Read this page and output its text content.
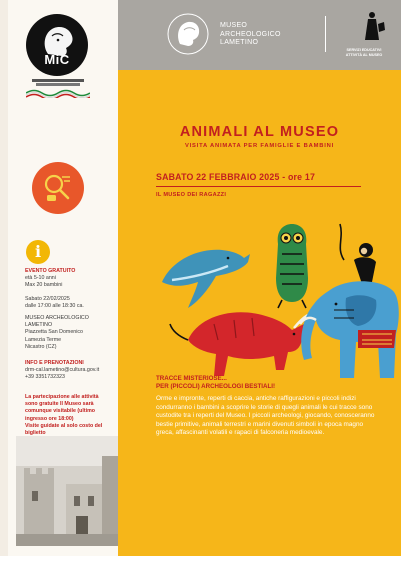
MiC
i
EVENTO GRATUITO
età 5-10 anni
Max 20 bambini
Sabato 22/02/2025
dalle 17:00 alle 18:30 ca.
MUSEO ARCHEOLOGICO
LAMETINO
Piazzetta San Domenico
Lamezia Terme
Nicastro (CZ)
INFO E PRENOTAZIONI
drm-cal.lametino@cultura.gov.it
+39 3351732323
La partecipazione alle attività
sono gratuite Il Museo sarà
comunque visitabile (ultimo
ingresso ore 18:00)
Visite guidate al solo costo del
biglietto
MUSEO
ARCHEOLOGICO
LAMETINO
SERVIZI EDUCATIVI
ATTIVITÀ AL MUSEO
ANIMALI AL MUSEO
VISITA ANIMATA PER FAMIGLIE E BAMBINI
SABATO 22 FEBBRAIO 2025 - ore 17
IL MUSEO DEI RAGAZZI
TRACCE MISTERIOSE...
PER (PICCOLI) ARCHEOLOGI BESTIALI!
Orme e impronte, reperti di caccia, antiche raffigurazioni e piccoli indizi condurranno i bambini a scoprire le storie di quegli animali le cui tracce sono custodite tra i reperti del Museo. I piccoli archeologi, giocando, conosceranno bestie primitive, animali terrestri e marini divenuti simboli in epoca magno greca, affascinanti volatili e rapaci di falconeria medioevale.
